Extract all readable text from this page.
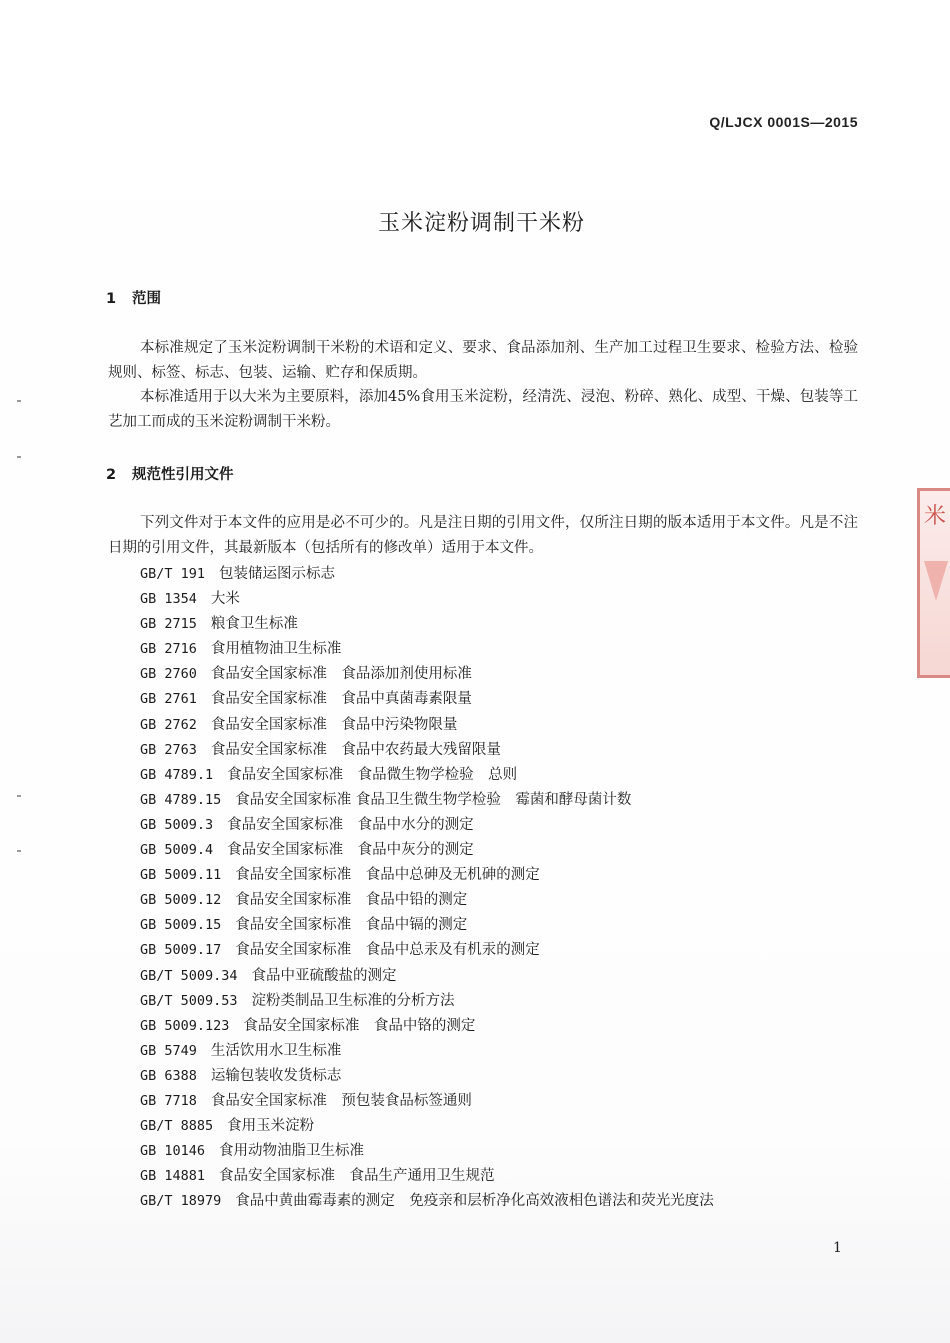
Q/LJCX 0001S—2015
玉米淀粉调制干米粉
1 范围
本标准规定了玉米淀粉调制干米粉的术语和定义、要求、食品添加剂、生产加工过程卫生要求、检验方法、检验规则、标签、标志、包装、运输、贮存和保质期。
本标准适用于以大米为主要原料，添加45%食用玉米淀粉，经清洗、浸泡、粉碎、熟化、成型、干燥、包装等工艺加工而成的玉米淀粉调制干米粉。
2 规范性引用文件
下列文件对于本文件的应用是必不可少的。凡是注日期的引用文件，仅所注日期的版本适用于本文件。凡是不注日期的引用文件，其最新版本（包括所有的修改单）适用于本文件。
GB/T 191 包装储运图示标志
GB 1354 大米
GB 2715 粮食卫生标准
GB 2716 食用植物油卫生标准
GB 2760 食品安全国家标准　食品添加剂使用标准
GB 2761 食品安全国家标准　食品中真菌毒素限量
GB 2762 食品安全国家标准　食品中污染物限量
GB 2763 食品安全国家标准　食品中农药最大残留限量
GB 4789.1 食品安全国家标准　食品微生物学检验　总则
GB 4789.15 食品安全国家标准 食品卫生微生物学检验　霉菌和酵母菌计数
GB 5009.3 食品安全国家标准　食品中水分的测定
GB 5009.4 食品安全国家标准　食品中灰分的测定
GB 5009.11 食品安全国家标准　食品中总砷及无机砷的测定
GB 5009.12 食品安全国家标准　食品中铅的测定
GB 5009.15 食品安全国家标准　食品中镉的测定
GB 5009.17 食品安全国家标准　食品中总汞及有机汞的测定
GB/T 5009.34 食品中亚硫酸盐的测定
GB/T 5009.53 淀粉类制品卫生标准的分析方法
GB 5009.123 食品安全国家标准　食品中铬的测定
GB 5749 生活饮用水卫生标准
GB 6388 运输包装收发货标志
GB 7718 食品安全国家标准　预包装食品标签通则
GB/T 8885 食用玉米淀粉
GB 10146 食用动物油脂卫生标准
GB 14881 食品安全国家标准　食品生产通用卫生规范
GB/T 18979 食品中黄曲霉毒素的测定　免疫亲和层析净化高效液相色谱法和荧光光度法
1
米
